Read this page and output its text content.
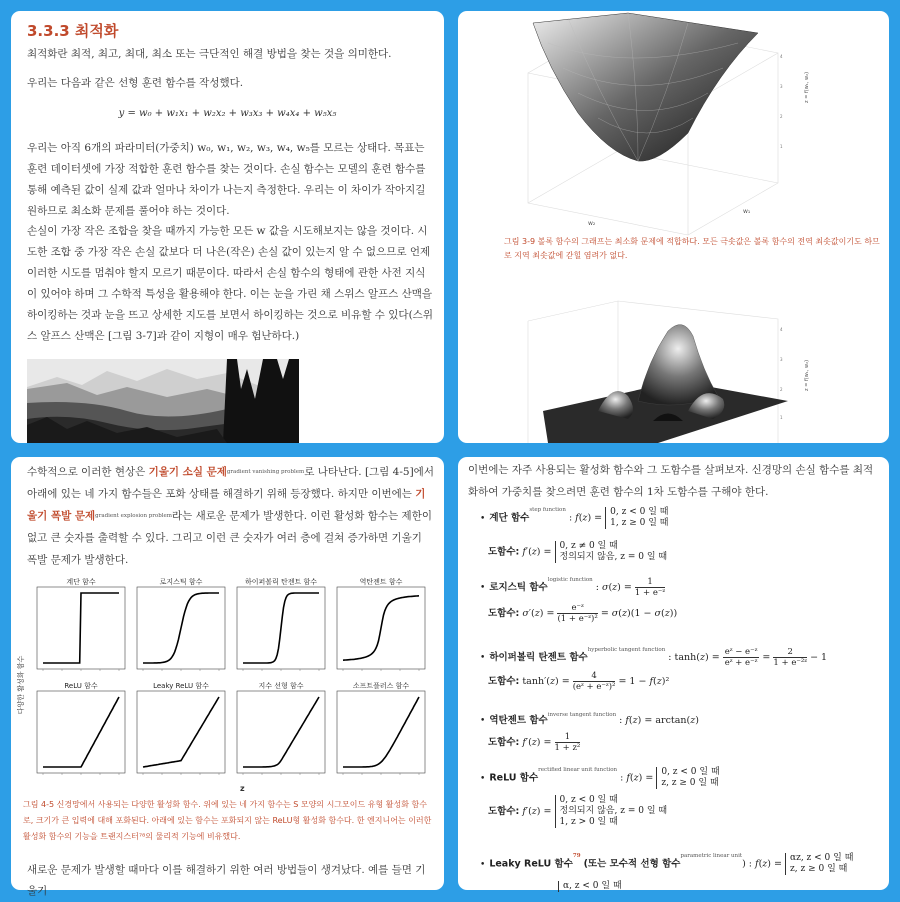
3.3.3 최적화
최적화란 최적, 최고, 최대, 최소 또는 극단적인 해결 방법을 찾는 것을 의미한다.
우리는 다음과 같은 선형 훈련 함수를 작성했다.
y = w₀ + w₁x₁ + w₂x₂ + w₃x₃ + w₄x₄ + w₅x₅
우리는 아직 6개의 파라미터(가중치) w₀, w₁, w₂, w₃, w₄, w₅를 모르는 상태다. 목표는 훈련 데이터셋에 가장 적합한 훈련 함수를 찾는 것이다. 손실 함수는 모델의 훈련 함수를 통해 예측된 값이 실제 값과 얼마나 차이가 나는지 측정한다. 우리는 이 차이가 작아지길 원하므로 최소화 문제를 풀어야 하는 것이다.
손실이 가장 작은 조합을 찾을 때까지 가능한 모든 w 값을 시도해보지는 않을 것이다. 시도한 조합 중 가장 작은 손실 값보다 더 나은(작은) 손실 값이 있는지 알 수 없으므로 언제 이러한 시도를 멈춰야 할지 모르기 때문이다. 따라서 손실 함수의 형태에 관한 사전 지식이 있어야 하며 그 수학적 특성을 활용해야 한다. 이는 눈을 가린 채 스위스 알프스 산맥을 하이킹하는 것과 눈을 뜨고 상세한 지도를 보면서 하이킹하는 것으로 비유할 수 있다(스위스 알프스 산맥은 [그림 3-7]과 같이 지형이 매우 험난하다.)
4
3
2
1
z = f(w₁, w₂)
w₁
w₂
그림 3-9 볼록 함수의 그래프는 최소화 문제에 적합하다. 모든 극솟값은 볼록 함수의 전역 최솟값이기도 하므로 지역 최솟값에 갇힐 염려가 없다.
4
3
2
1
z = f(w₁, w₂)
수학적으로 이러한 현상은 기울기 소실 문제$^{gradient vanishing problem}$로 나타난다. [그림 4-5]에서 아래에 있는 네 가지 함수들은 포화 상태를 해결하기 위해 등장했다. 하지만 이번에는 기울기 폭발 문제$^{gradient explosion problem}$라는 새로운 문제가 발생한다. 이런 활성화 함수는 제한이 없고 큰 숫자를 출력할 수 있다. 그리고 이런 큰 숫자가 여러 층에 걸쳐 증가하면 기울기 폭발 문제가 발생한다.
다양한 활성화 함수
z
계단 함수	로지스틱 함수	하이퍼볼릭 탄젠트 함수	역탄젠트 함수
ReLU 함수	Leaky ReLU 함수	지수 선형 함수	소프트플러스 함수
그림 4-5 신경망에서 사용되는 다양한 활성화 함수. 위에 있는 네 가지 함수는 S 모양의 시그모이드 유형 활성화 함수로, 크기가 큰 입력에 대해 포화된다. 아래에 있는 함수는 포화되지 않는 ReLU형 활성화 함수다. 한 엔지니어는 이러한 활성화 함수의 기능을 트랜지스터⁷⁸의 물리적 기능에 비유했다.
새로운 문제가 발생할 때마다 이를 해결하기 위한 여러 방법들이 생겨났다. 예를 들면 기울기
이번에는 자주 사용되는 활성화 함수와 그 도함수를 살펴보자. 신경망의 손실 함수를 최적화하여 가중치를 찾으려면 훈련 함수의 1차 도함수를 구해야 한다.
• 계단 함수$^{step function}$ : f(z) = 0, z < 0 일 때
1, z ≥ 0 일 때
도함수: f′(z) = 0, z ≠ 0 일 때
정의되지 않음, z = 0 일 때
• 로지스틱 함수$^{logistic function}$ : $\sigma(z) = \frac{1}{\text{1 + e⁻ᶻ}}$
도함수: $\sigma'(z) = \frac{\text{e⁻ᶻ}}{\text{(1 + e⁻ᶻ)²}} = \sigma(z)(1 - \sigma(z))$
• 하이퍼볼릭 탄젠트 함수$^{hyperbolic tangent function}$ : $\tanh(z) = \frac{\text{eᶻ − e⁻ᶻ}}{\text{eᶻ + e⁻ᶻ}} = \frac{2}{\text{1 + e⁻²ᶻ}} - 1$
도함수: $\tanh'(z) = \frac{4}{\text{(eᶻ + e⁻ᶻ)²}} = 1 - f(z)^2$
• 역탄젠트 함수$^{inverse tangent function}$ : f(z) = arctan(z)
도함수: $f'(z) = \frac{1}{\text{1 + z²}}$
• ReLU 함수$^{rectified linear unit function}$ : f(z) = 0, z < 0 일 때
z, z ≥ 0 일 때
도함수: f′(z) = 0, z < 0 일 때
정의되지 않음, z = 0 일 때
1, z > 0 일 때
• Leaky ReLU 함수$^{79}$ (또는 모수적 선형 함수$^{parametric linear unit}$) : f(z) = αz, z < 0 일 때
z, z ≥ 0 일 때
α, z < 0 일 때
